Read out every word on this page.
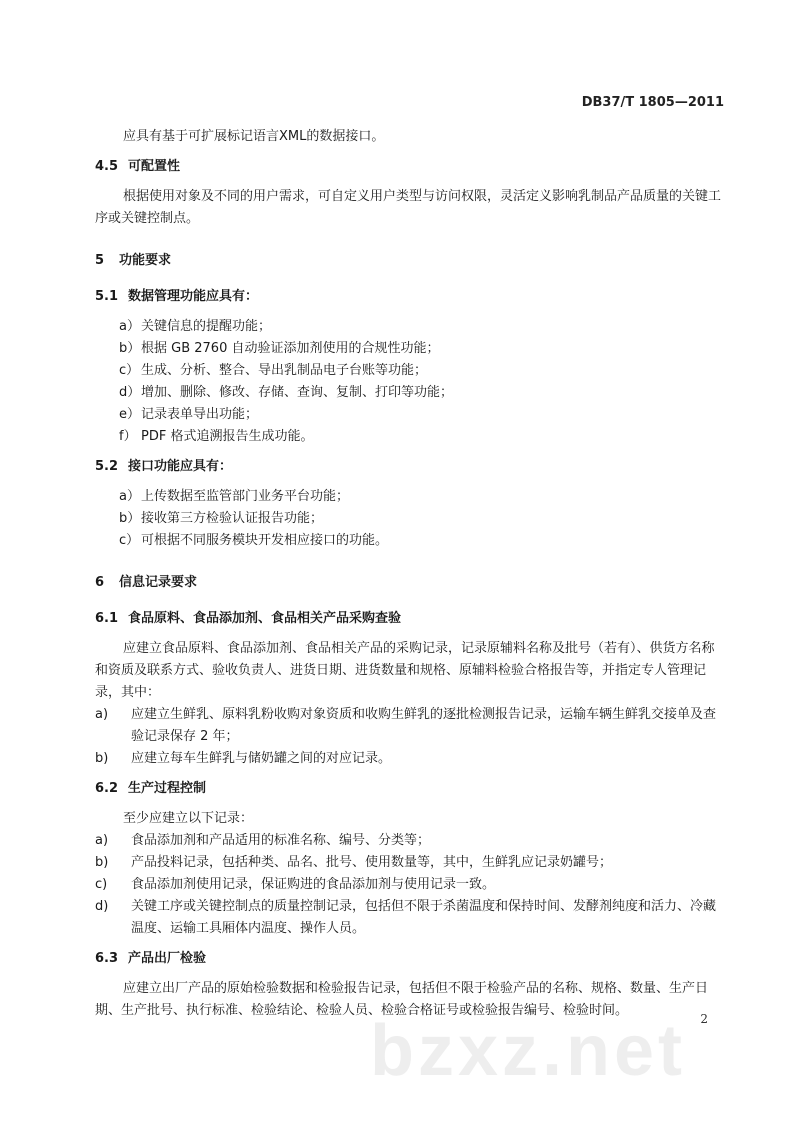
DB37/T 1805—2011

应具有基于可扩展标记语言XML的数据接口。

4.5 可配置性

根据使用对象及不同的用户需求，可自定义用户类型与访问权限，灵活定义影响乳制品产品质量的关键工序或关键控制点。

5 功能要求
5.1 数据管理功能应具有：
a） 关键信息的提醒功能；
b） 根据 GB 2760 自动验证添加剂使用的合规性功能；
c） 生成、分析、整合、导出乳制品电子台账等功能；
d） 增加、删除、修改、存储、查询、复制、打印等功能；
e） 记录表单导出功能；
f） PDF 格式追溯报告生成功能。
5.2 接口功能应具有：
a） 上传数据至监管部门业务平台功能；
b） 接收第三方检验认证报告功能；
c） 可根据不同服务模块开发相应接口的功能。
6 信息记录要求
6.1 食品原料、食品添加剂、食品相关产品采购查验

应建立食品原料、食品添加剂、食品相关产品的采购记录，记录原辅料名称及批号（若有）、供货方名称和资质及联系方式、验收负责人、进货日期、进货数量和规格、原辅料检验合格报告等，并指定专人管理记录，其中：

a)	应建立生鲜乳、原料乳粉收购对象资质和收购生鲜乳的逐批检测报告记录，运输车辆生鲜乳交接单及查验记录保存 2 年；
b)	应建立每车生鲜乳与储奶罐之间的对应记录。
6.2 生产过程控制

至少应建立以下记录：

a)	食品添加剂和产品适用的标准名称、编号、分类等；
b)	产品投料记录，包括种类、品名、批号、使用数量等，其中，生鲜乳应记录奶罐号；
c)	食品添加剂使用记录，保证购进的食品添加剂与使用记录一致。
d)	关键工序或关键控制点的质量控制记录，包括但不限于杀菌温度和保持时间、发酵剂纯度和活力、冷藏温度、运输工具厢体内温度、操作人员。
6.3 产品出厂检验

应建立出厂产品的原始检验数据和检验报告记录，包括但不限于检验产品的名称、规格、数量、生产日期、生产批号、执行标准、检验结论、检验人员、检验合格证号或检验报告编号、检验时间。

bzxz.net 2
